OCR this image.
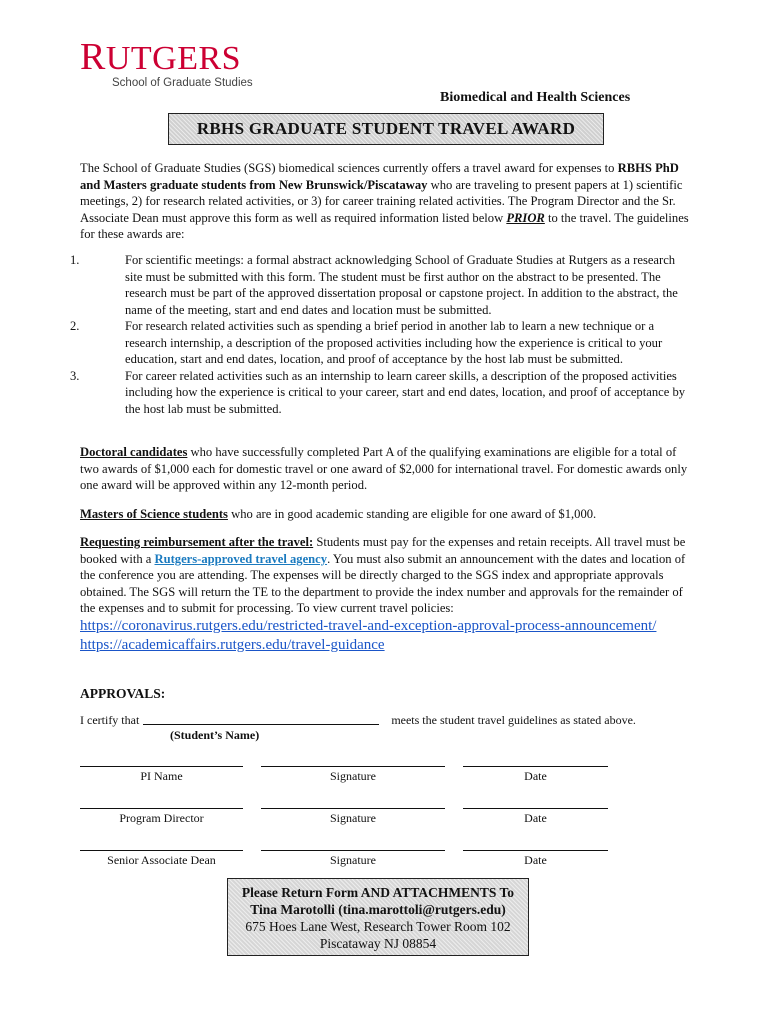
RUTGERS
School of Graduate Studies
Biomedical and Health Sciences
RBHS GRADUATE STUDENT TRAVEL AWARD
The School of Graduate Studies (SGS) biomedical sciences currently offers a travel award for expenses to RBHS PhD and Masters graduate students from New Brunswick/Piscataway who are traveling to present papers at 1) scientific meetings, 2) for research related activities, or 3) for career training related activities. The Program Director and the Sr. Associate Dean must approve this form as well as required information listed below PRIOR to the travel. The guidelines for these awards are:
1.	For scientific meetings: a formal abstract acknowledging School of Graduate Studies at Rutgers as a research site must be submitted with this form. The student must be first author on the abstract to be presented. The research must be part of the approved dissertation proposal or capstone project. In addition to the abstract, the name of the meeting, start and end dates and location must be submitted.
2.	For research related activities such as spending a brief period in another lab to learn a new technique or a research internship, a description of the proposed activities including how the experience is critical to your education, start and end dates, location, and proof of acceptance by the host lab must be submitted.
3.	For career related activities such as an internship to learn career skills, a description of the proposed activities including how the experience is critical to your career, start and end dates, location, and proof of acceptance by the host lab must be submitted.
Doctoral candidates who have successfully completed Part A of the qualifying examinations are eligible for a total of two awards of $1,000 each for domestic travel or one award of $2,000 for international travel. For domestic awards only one award will be approved within any 12-month period.
Masters of Science students who are in good academic standing are eligible for one award of $1,000.
Requesting reimbursement after the travel: Students must pay for the expenses and retain receipts. All travel must be booked with a Rutgers-approved travel agency. You must also submit an announcement with the dates and location of the conference you are attending. The expenses will be directly charged to the SGS index and appropriate approvals obtained. The SGS will return the TE to the department to provide the index number and approvals for the remainder of the expenses and to submit for processing. To view current travel policies:
https://coronavirus.rutgers.edu/restricted-travel-and-exception-approval-process-announcement/
https://academicaffairs.rutgers.edu/travel-guidance
APPROVALS:
I certify that	meets the student travel guidelines as stated above.
(Student’s Name)
PI Name	Signature	Date
Program Director	Signature	Date
Senior Associate Dean	Signature	Date
Please Return Form AND ATTACHMENTS To
Tina Marotolli (tina.marottoli@rutgers.edu)
675 Hoes Lane West, Research Tower Room 102
Piscataway NJ 08854
